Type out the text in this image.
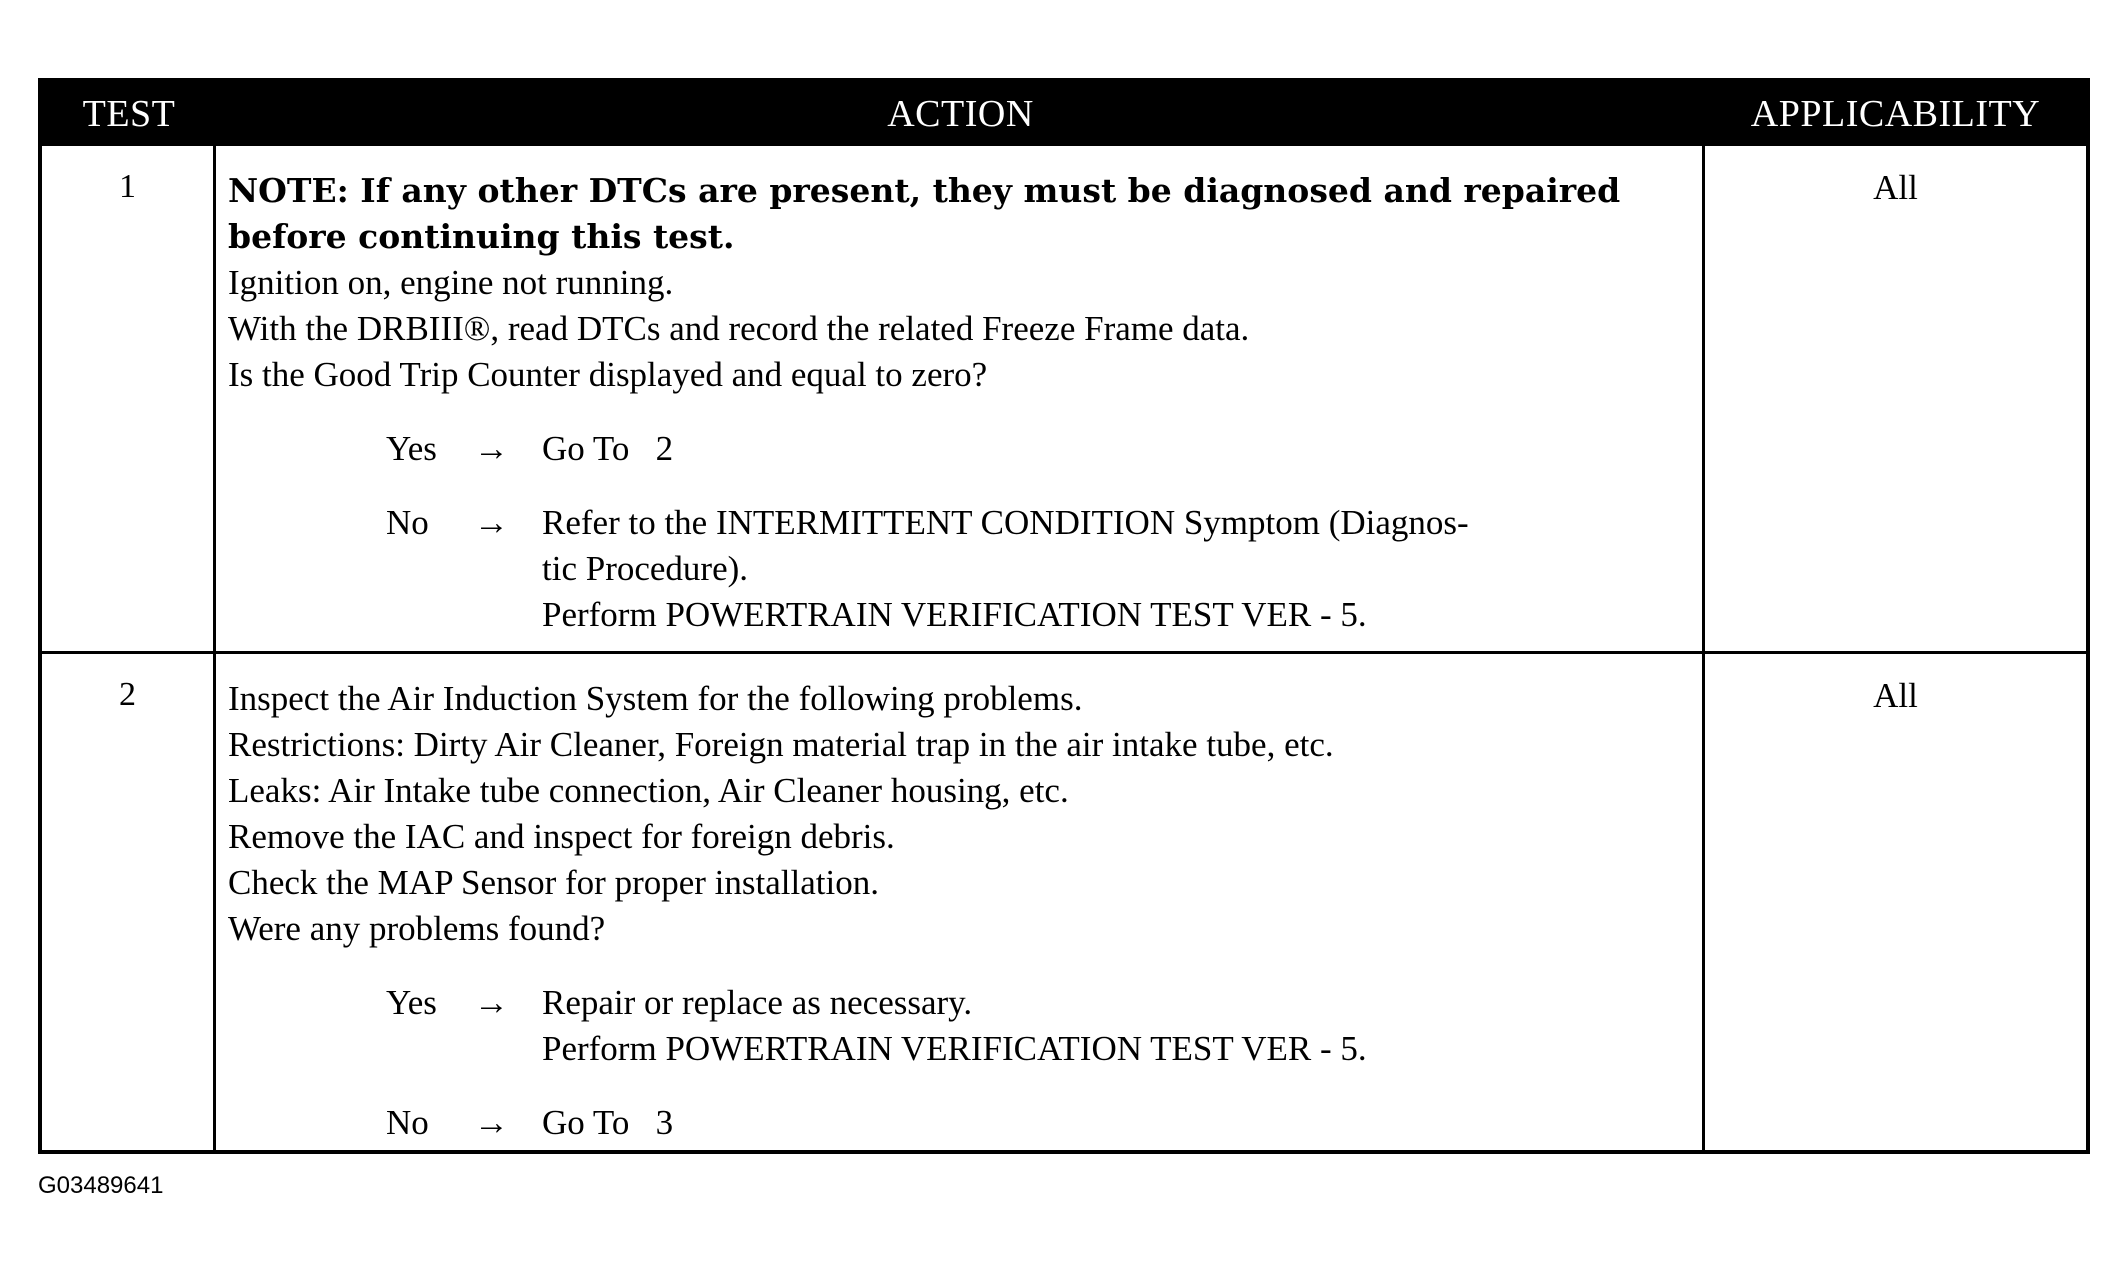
TEST	ACTION	APPLICABILITY
1	NOTE: If any other DTCs are present, they must be diagnosed and repaired
before continuing this test.
Ignition on, engine not running.
With the DRBIII®, read DTCs and record the related Freeze Frame data.
Is the Good Trip Counter displayed and equal to zero?
Yes	→ Go To   2
No	→ Refer to the INTERMITTENT CONDITION Symptom (Diagnos-
tic Procedure).
Perform POWERTRAIN VERIFICATION TEST VER - 5.
All
2	Inspect the Air Induction System for the following problems.
Restrictions: Dirty Air Cleaner, Foreign material trap in the air intake tube, etc.
Leaks: Air Intake tube connection, Air Cleaner housing, etc.
Remove the IAC and inspect for foreign debris.
Check the MAP Sensor for proper installation.
Were any problems found?
Yes	→ Repair or replace as necessary.
Perform POWERTRAIN VERIFICATION TEST VER - 5.
No	→ Go To   3
All
G03489641
